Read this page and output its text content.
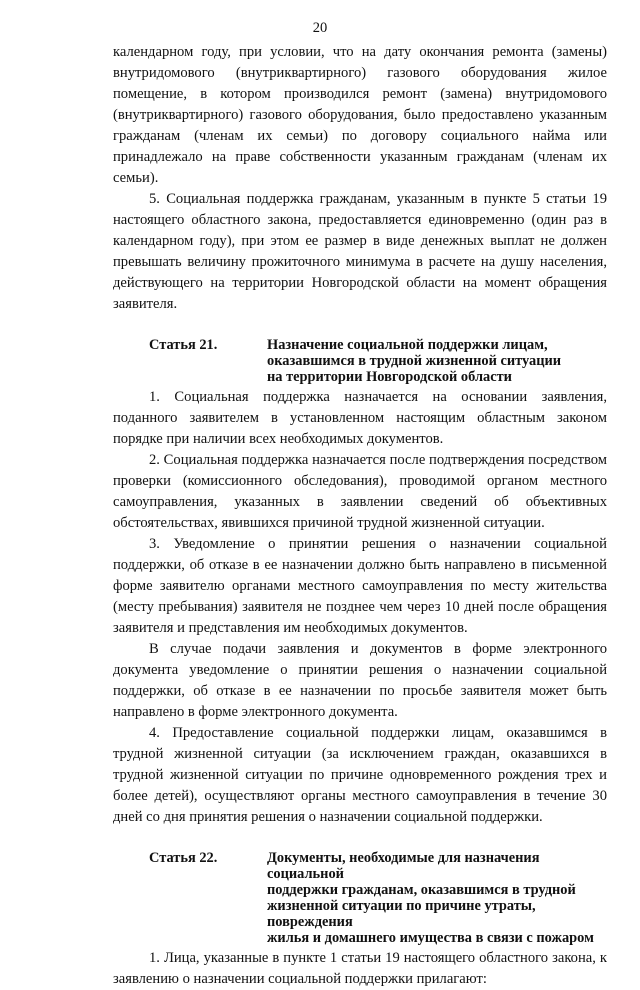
20

календарном году, при условии, что на дату окончания ремонта (замены) внутридомового (внутриквартирного) газового оборудования жилое помещение, в котором производился ремонт (замена) внутридомового (внутриквартирного) газового оборудования, было предоставлено указанным гражданам (членам их семьи) по договору социального найма или принадлежало на праве собственности указанным гражданам (членам их семьи).

5. Социальная поддержка гражданам, указанным в пункте 5 статьи 19 настоящего областного закона, предоставляется единовременно (один раз в календарном году), при этом ее размер в виде денежных выплат не должен превышать величину прожиточного минимума в расчете на душу населения, действующего на территории Новгородской области на момент обращения заявителя.

Статья 21.	Назначение социальной поддержки лицам,
оказавшимся в трудной жизненной ситуации
на территории Новгородской области

1. Социальная поддержка назначается на основании заявления, поданного заявителем в установленном настоящим областным законом порядке при наличии всех необходимых документов.

2. Социальная поддержка назначается после подтверждения посредством проверки (комиссионного обследования), проводимой органом местного самоуправления, указанных в заявлении сведений об объективных обстоятельствах, явившихся причиной трудной жизненной ситуации.

3. Уведомление о принятии решения о назначении социальной поддержки, об отказе в ее назначении должно быть направлено в письменной форме заявителю органами местного самоуправления по месту жительства (месту пребывания) заявителя не позднее чем через 10 дней после обращения заявителя и представления им необходимых документов.

В случае подачи заявления и документов в форме электронного документа уведомление о принятии решения о назначении социальной поддержки, об отказе в ее назначении по просьбе заявителя может быть направлено в форме электронного документа.

4. Предоставление социальной поддержки лицам, оказавшимся в трудной жизненной ситуации (за исключением граждан, оказавшихся в трудной жизненной ситуации по причине одновременного рождения трех и более детей), осуществляют органы местного самоуправления в течение 30 дней со дня принятия решения о назначении социальной поддержки.

Статья 22.	Документы, необходимые для назначения социальной
поддержки гражданам, оказавшимся в трудной
жизненной ситуации по причине утраты, повреждения
жилья и домашнего имущества в связи с пожаром

1. Лица, указанные в пункте 1 статьи 19 настоящего областного закона, к заявлению о назначении социальной поддержки прилагают:
